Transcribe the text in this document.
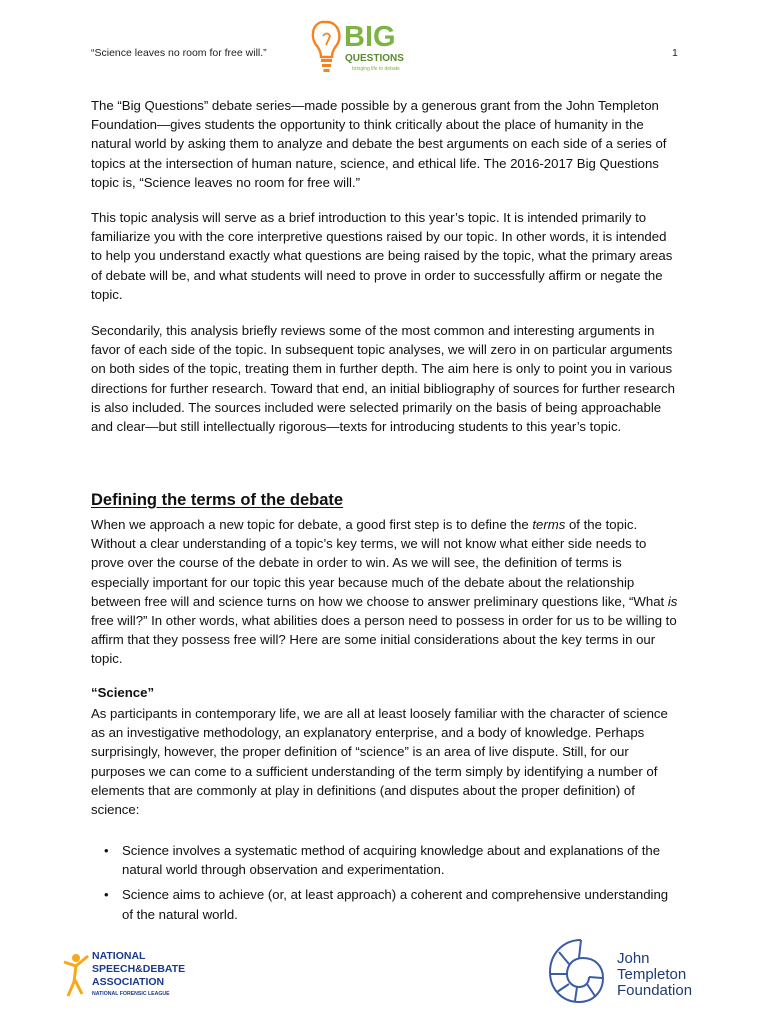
“Science leaves no room for free will.”	1
BIG
QUESTIONS
bringing life to debate

The “Big Questions” debate series—made possible by a generous grant from the John Templeton Foundation—gives students the opportunity to think critically about the place of humanity in the natural world by asking them to analyze and debate the best arguments on each side of a series of topics at the intersection of human nature, science, and ethical life. The 2016-2017 Big Questions topic is, “Science leaves no room for free will.”

This topic analysis will serve as a brief introduction to this year’s topic. It is intended primarily to familiarize you with the core interpretive questions raised by our topic. In other words, it is intended to help you understand exactly what questions are being raised by the topic, what the primary areas of debate will be, and what students will need to prove in order to successfully affirm or negate the topic.

Secondarily, this analysis briefly reviews some of the most common and interesting arguments in favor of each side of the topic. In subsequent topic analyses, we will zero in on particular arguments on both sides of the topic, treating them in further depth. The aim here is only to point you in various directions for further research. Toward that end, an initial bibliography of sources for further research is also included. The sources included were selected primarily on the basis of being approachable and clear—but still intellectually rigorous—texts for introducing students to this year’s topic.

Defining the terms of the debate

When we approach a new topic for debate, a good first step is to define the terms of the topic. Without a clear understanding of a topic’s key terms, we will not know what either side needs to prove over the course of the debate in order to win. As we will see, the definition of terms is especially important for our topic this year because much of the debate about the relationship between free will and science turns on how we choose to answer preliminary questions like, “What is free will?” In other words, what abilities does a person need to possess in order for us to be willing to affirm that they possess free will? Here are some initial considerations about the key terms in our topic.

“Science”

As participants in contemporary life, we are all at least loosely familiar with the character of science as an investigative methodology, an explanatory enterprise, and a body of knowledge. Perhaps surprisingly, however, the proper definition of “science” is an area of live dispute. Still, for our purposes we can come to a sufficient understanding of the term simply by identifying a number of elements that are commonly at play in definitions (and disputes about the proper definition) of science:

• Science involves a systematic method of acquiring knowledge about and explanations of the natural world through observation and experimentation.
• Science aims to achieve (or, at least approach) a coherent and comprehensive understanding of the natural world.
NATIONAL
SPEECH&DEBATE
ASSOCIATION
NATIONAL FORENSIC LEAGUE
John
Templeton
Foundation
